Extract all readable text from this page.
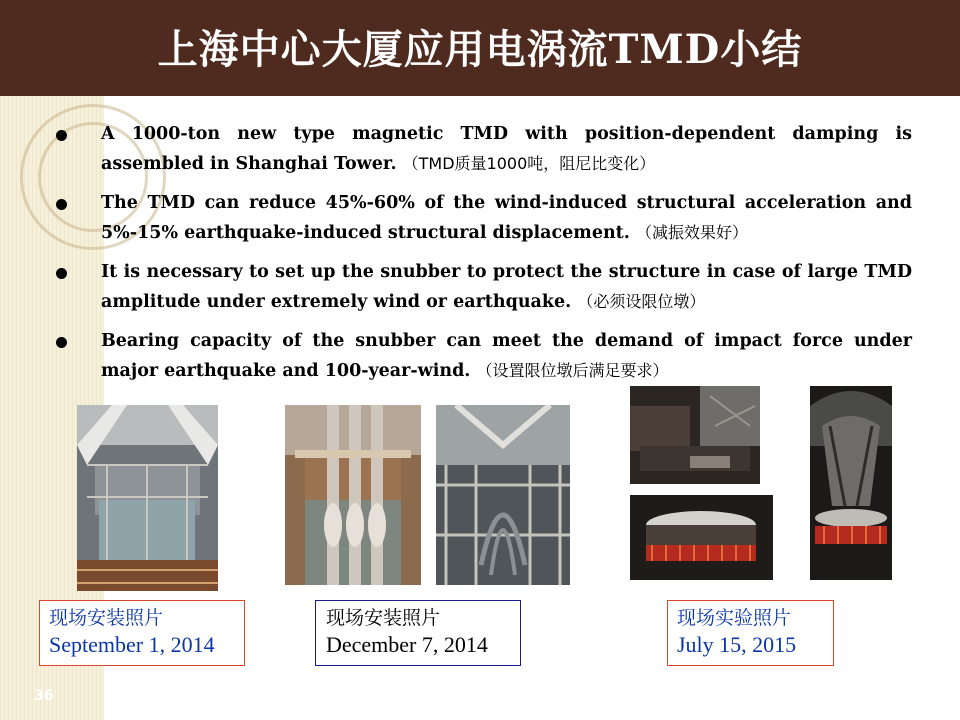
上海中心大厦应用电涡流TMD小结
36
A 1000-ton new type magnetic TMD with position-dependent damping is assembled in Shanghai Tower. （TMD质量1000吨，阻尼比变化）
The TMD can reduce 45%-60% of the wind-induced structural acceleration and 5%-15% earthquake-induced structural displacement. （减振效果好）
It is necessary to set up the snubber to protect the structure in case of large TMD amplitude under extremely wind or earthquake. （必须设限位墩）
Bearing capacity of the snubber can meet the demand of impact force under major earthquake and 100-year-wind. （设置限位墩后满足要求）
现场安装照片
September 1, 2014
现场安装照片
December 7, 2014
现场实验照片
July 15, 2015
